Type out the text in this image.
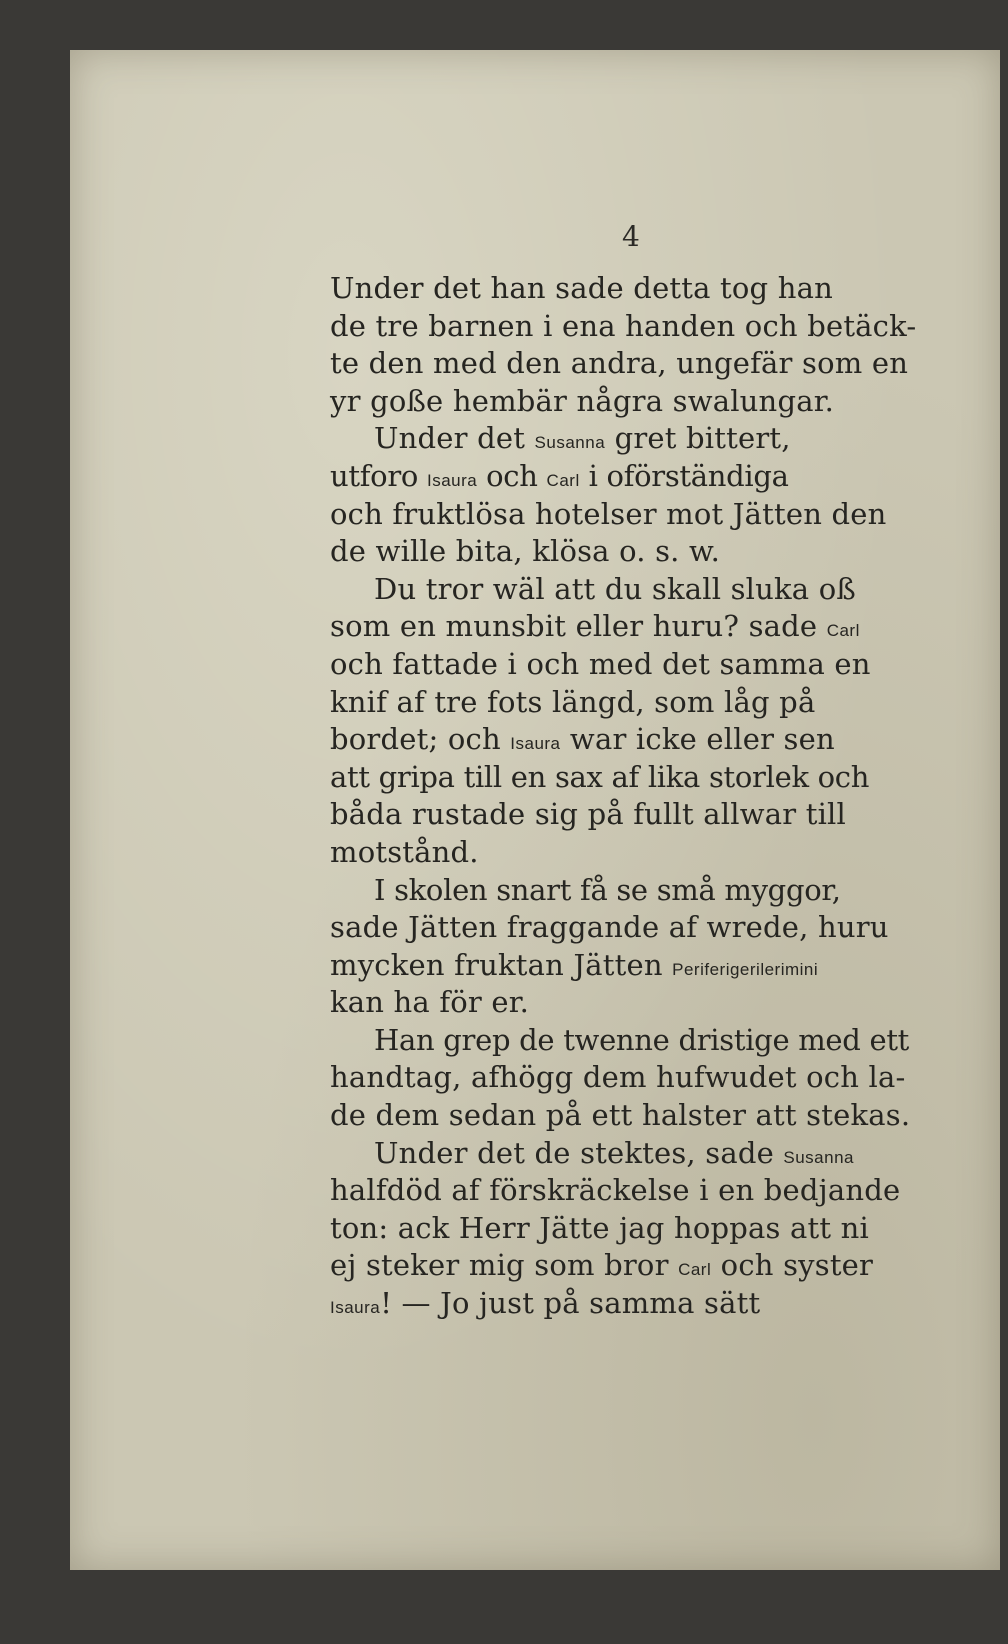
4

Under det han sade detta tog han

de tre barnen i ena handen och betäck-

te den med den andra, ungefär som en

yr goße hembär några swalungar.

Under det Susanna gret bittert,

utforo Isaura och Carl i oförständiga

och fruktlösa hotelser mot Jätten den

de wille bita, klösa o. s. w.

Du tror wäl att du skall sluka oß

som en munsbit eller huru? sade Carl

och fattade i och med det samma en

knif af tre fots längd, som låg på

bordet; och Isaura war icke eller sen

att gripa till en sax af lika storlek och

båda rustade sig på fullt allwar till

motstånd.

I skolen snart få se små myggor,

sade Jätten fraggande af wrede, huru

mycken fruktan Jätten Periferigerilerimini

kan ha för er.

Han grep de twenne dristige med ett

handtag, afhögg dem hufwudet och la-

de dem sedan på ett halster att stekas.

Under det de stektes, sade Susanna

halfdöd af förskräckelse i en bedjande

ton: ack Herr Jätte jag hoppas att ni

ej steker mig som bror Carl och syster

Isaura! — Jo just på samma sätt
